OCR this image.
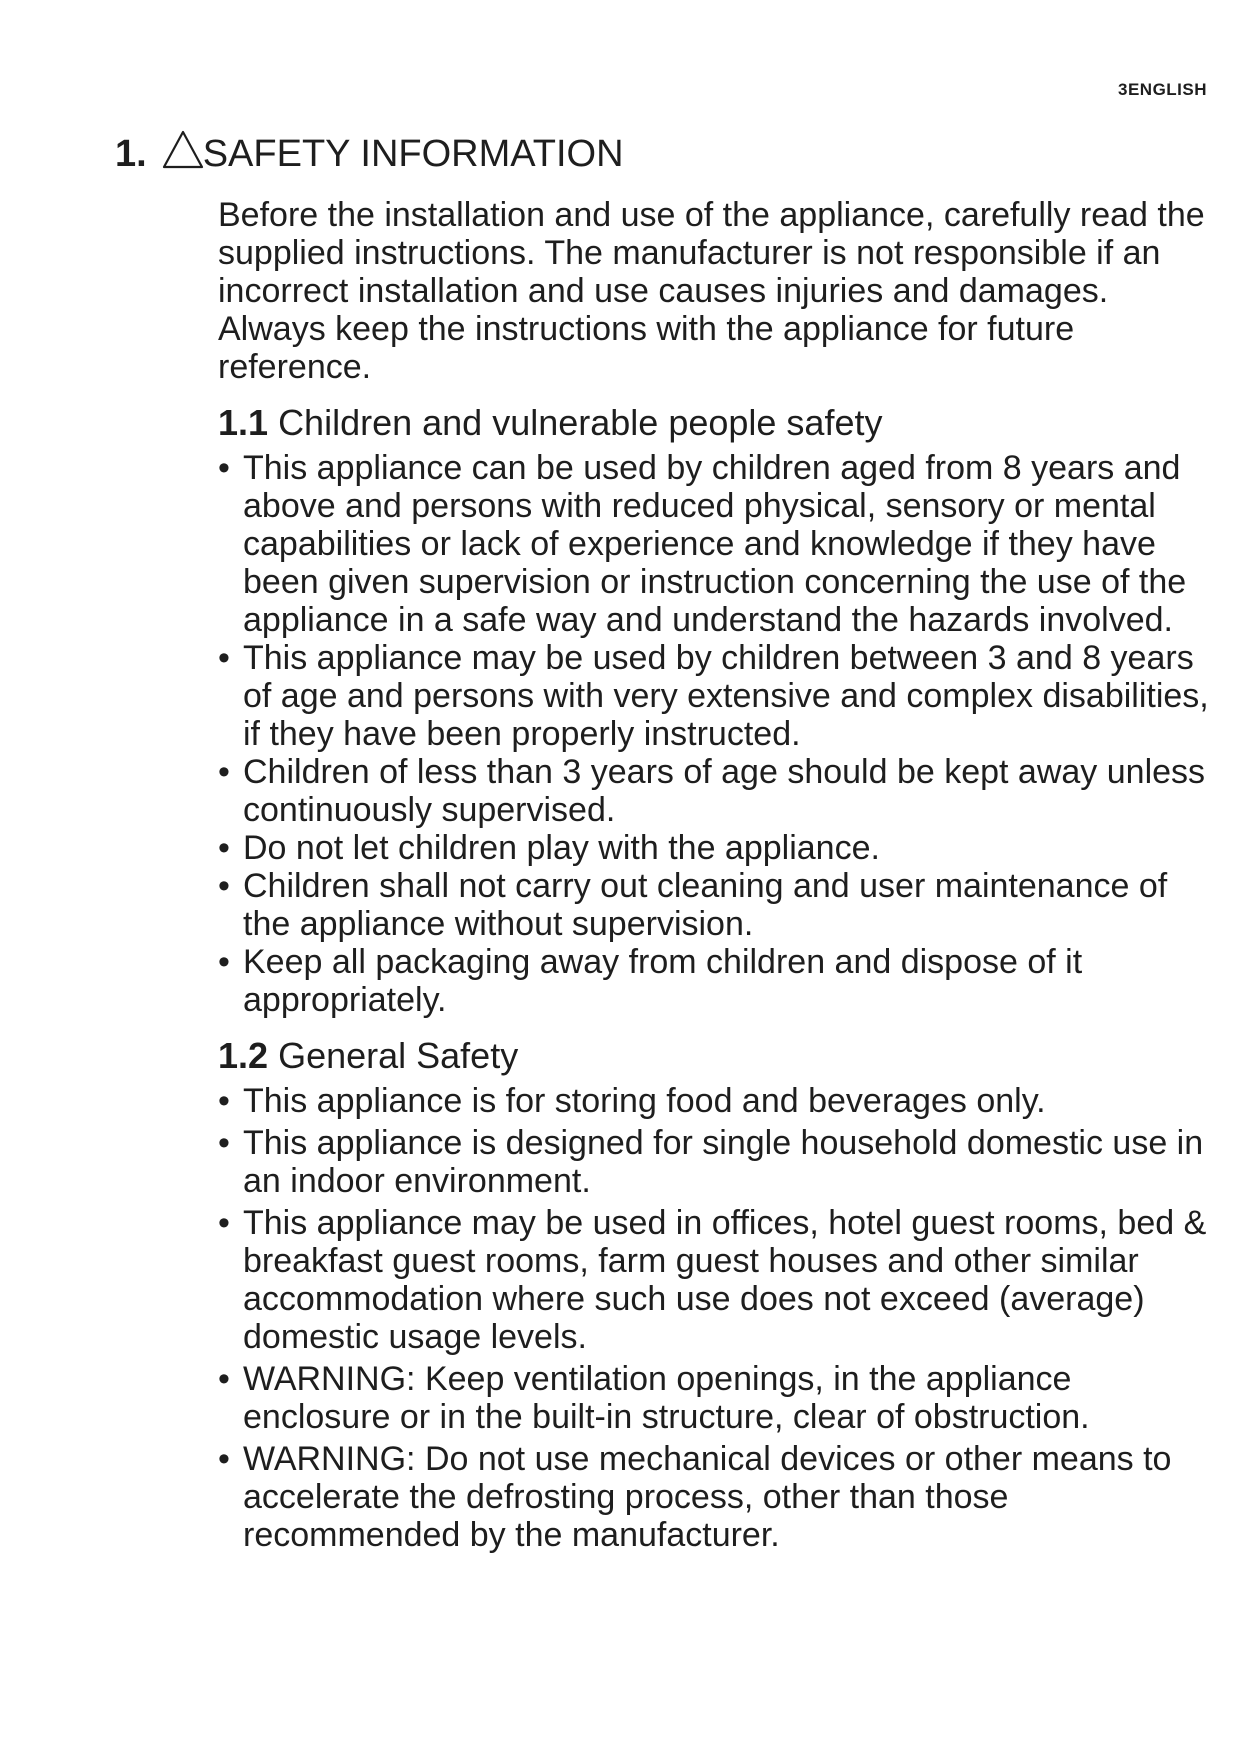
3ENGLISH
1. SAFETY INFORMATION

Before the installation and use of the appliance, carefully read the supplied instructions. The manufacturer is not responsible if an incorrect installation and use causes injuries and damages. Always keep the instructions with the appliance for future reference.

1.1 Children and vulnerable people safety
• This appliance can be used by children aged from 8 years and above and persons with reduced physical, sensory or mental capabilities or lack of experience and knowledge if they have been given supervision or instruction concerning the use of the appliance in a safe way and understand the hazards involved.
• This appliance may be used by children between 3 and 8 years of age and persons with very extensive and complex disabilities, if they have been properly instructed.
• Children of less than 3 years of age should be kept away unless continuously supervised.
• Do not let children play with the appliance.
• Children shall not carry out cleaning and user maintenance of the appliance without supervision.
• Keep all packaging away from children and dispose of it appropriately.
1.2 General Safety
• This appliance is for storing food and beverages only.
• This appliance is designed for single household domestic use in an indoor environment.
• This appliance may be used in offices, hotel guest rooms, bed & breakfast guest rooms, farm guest houses and other similar accommodation where such use does not exceed (average) domestic usage levels.
• WARNING: Keep ventilation openings, in the appliance enclosure or in the built-in structure, clear of obstruction.
• WARNING: Do not use mechanical devices or other means to accelerate the defrosting process, other than those recommended by the manufacturer.
